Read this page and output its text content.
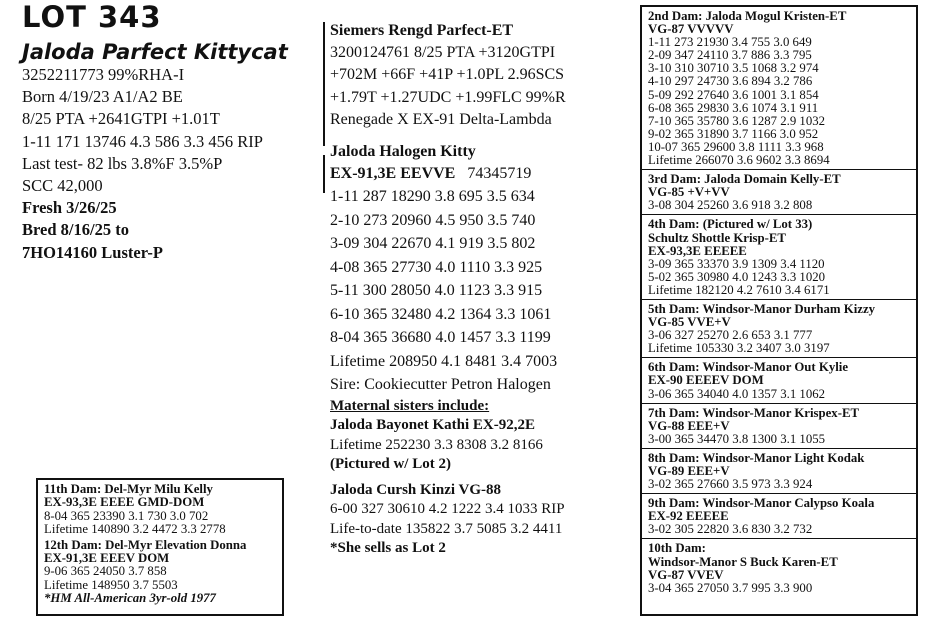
LOT 343
Jaloda Parfect Kittycat
3252211773 99%RHA-I
Born 4/19/23 A1/A2 BE
8/25 PTA +2641GTPI +1.01T
1-11 171 13746 4.3 586 3.3 456 RIP
Last test- 82 lbs 3.8%F 3.5%P
SCC 42,000
Fresh 3/26/25
Bred 8/16/25 to
7HO14160 Luster-P
11th Dam: Del-Myr Milu Kelly
EX-93,3E EEEE GMD-DOM
8-04 365 23390 3.1 730 3.0 702
Lifetime 140890 3.2 4472 3.3 2778
12th Dam: Del-Myr Elevation Donna
EX-91,3E EEEV DOM
9-06 365 24050 3.7 858
Lifetime 148950 3.7 5503
*HM All-American 3yr-old 1977
Siemers Rengd Parfect-ET
3200124761 8/25 PTA +3120GTPI
+702M +66F +41P +1.0PL 2.96SCS
+1.79T +1.27UDC +1.99FLC 99%R
Renegade X EX-91 Delta-Lambda
Jaloda Halogen Kitty
EX-91,3E EEVVE 74345719
1-11 287 18290 3.8 695 3.5 634
2-10 273 20960 4.5 950 3.5 740
3-09 304 22670 4.1 919 3.5 802
4-08 365 27730 4.0 1110 3.3 925
5-11 300 28050 4.0 1123 3.3 915
6-10 365 32480 4.2 1364 3.3 1061
8-04 365 36680 4.0 1457 3.3 1199
Lifetime 208950 4.1 8481 3.4 7003
Sire: Cookiecutter Petron Halogen
Maternal sisters include:
Jaloda Bayonet Kathi EX-92,2E
Lifetime 252230 3.3 8308 3.2 8166
(Pictured w/ Lot 2)
Jaloda Cursh Kinzi VG-88
6-00 327 30610 4.2 1222 3.4 1033 RIP
Life-to-date 135822 3.7 5085 3.2 4411
*She sells as Lot 2
2nd Dam: Jaloda Mogul Kristen-ET
VG-87 VVVVV
1-11 273 21930 3.4 755 3.0 649
2-09 347 24110 3.7 886 3.3 795
3-10 310 30710 3.5 1068 3.2 974
4-10 297 24730 3.6 894 3.2 786
5-09 292 27640 3.6 1001 3.1 854
6-08 365 29830 3.6 1074 3.1 911
7-10 365 35780 3.6 1287 2.9 1032
9-02 365 31890 3.7 1166 3.0 952
10-07 365 29600 3.8 1111 3.3 968
Lifetime 266070 3.6 9602 3.3 8694
3rd Dam: Jaloda Domain Kelly-ET
VG-85 +V+VV
3-08 304 25260 3.6 918 3.2 808
4th Dam: (Pictured w/ Lot 33)
Schultz Shottle Krisp-ET
EX-93,3E EEEEE
3-09 365 33370 3.9 1309 3.4 1120
5-02 365 30980 4.0 1243 3.3 1020
Lifetime 182120 4.2 7610 3.4 6171
5th Dam: Windsor-Manor Durham Kizzy
VG-85 VVE+V
3-06 327 25270 2.6 653 3.1 777
Lifetime 105330 3.2 3407 3.0 3197
6th Dam: Windsor-Manor Out Kylie
EX-90 EEEEV DOM
3-06 365 34040 4.0 1357 3.1 1062
7th Dam: Windsor-Manor Krispex-ET
VG-88 EEE+V
3-00 365 34470 3.8 1300 3.1 1055
8th Dam: Windsor-Manor Light Kodak
VG-89 EEE+V
3-02 365 27660 3.5 973 3.3 924
9th Dam: Windsor-Manor Calypso Koala
EX-92 EEEEE
3-02 305 22820 3.6 830 3.2 732
10th Dam:
Windsor-Manor S Buck Karen-ET
VG-87 VVEV
3-04 365 27050 3.7 995 3.3 900
